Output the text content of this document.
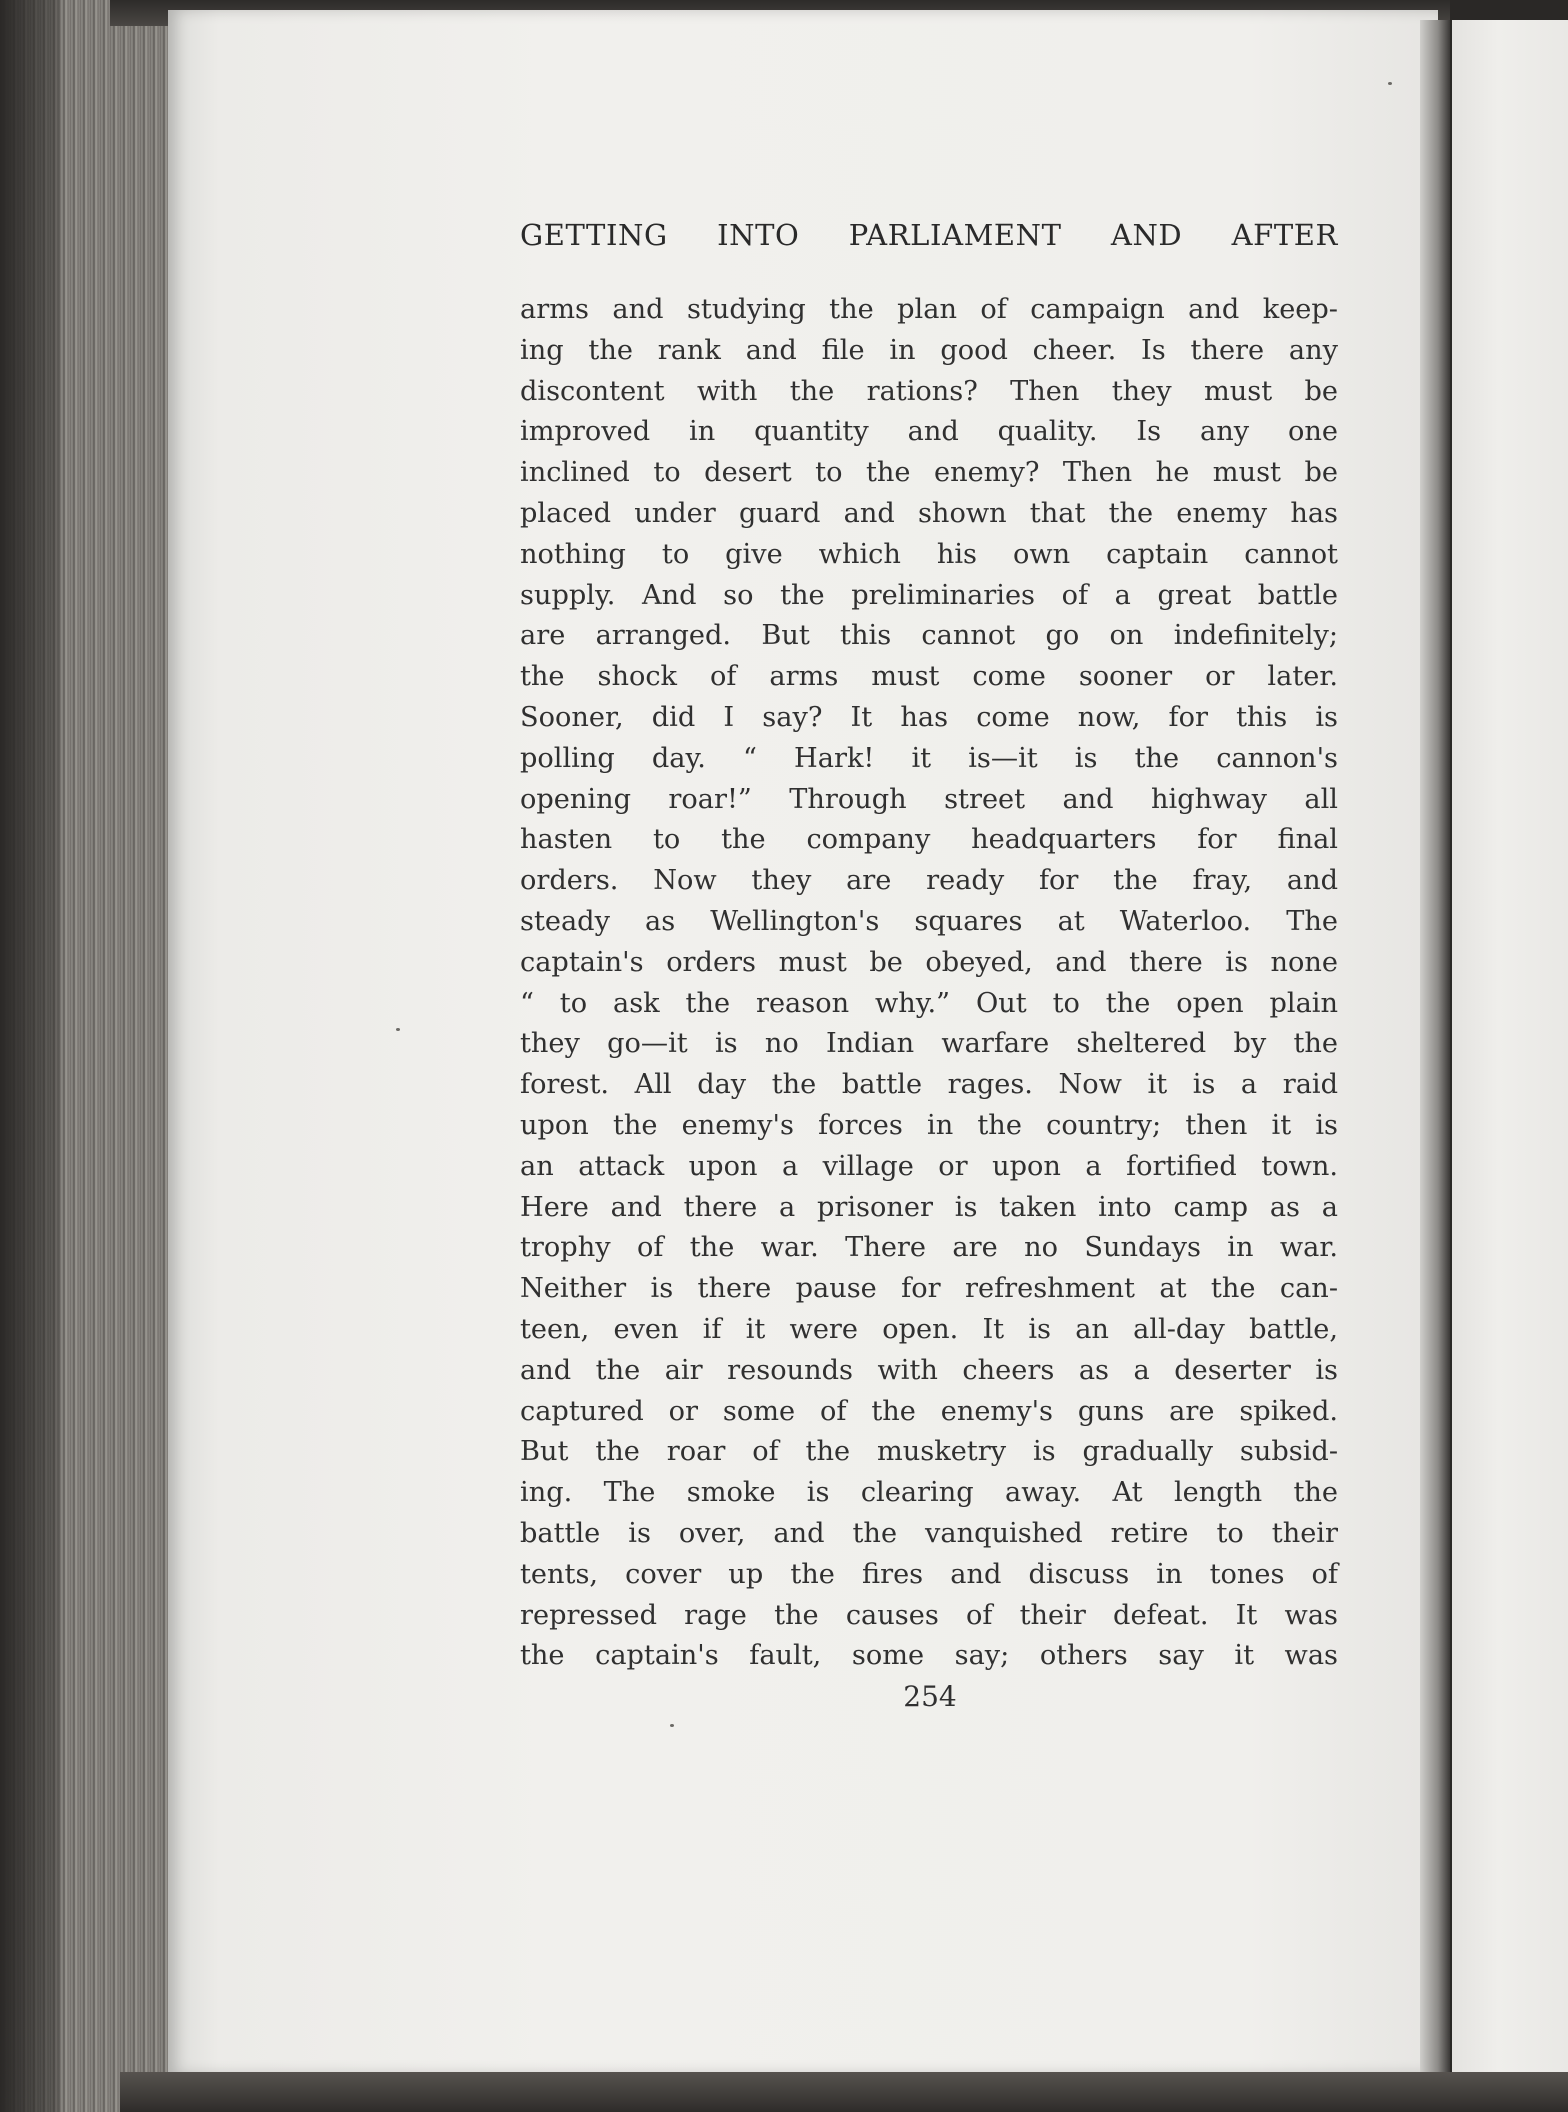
GETTING INTO PARLIAMENT AND AFTER
arms and studying the plan of campaign and keep-
ing the rank and file in good cheer. Is there any
discontent with the rations? Then they must be
improved in quantity and quality. Is any one
inclined to desert to the enemy? Then he must be
placed under guard and shown that the enemy has
nothing to give which his own captain cannot
supply. And so the preliminaries of a great battle
are arranged. But this cannot go on indefinitely;
the shock of arms must come sooner or later.
Sooner, did I say? It has come now, for this is
polling day. “ Hark! it is—it is the cannon's
opening roar!” Through street and highway all
hasten to the company headquarters for final
orders. Now they are ready for the fray, and
steady as Wellington's squares at Waterloo. The
captain's orders must be obeyed, and there is none
“ to ask the reason why.” Out to the open plain
they go—it is no Indian warfare sheltered by the
forest. All day the battle rages. Now it is a raid
upon the enemy's forces in the country; then it is
an attack upon a village or upon a fortified town.
Here and there a prisoner is taken into camp as a
trophy of the war. There are no Sundays in war.
Neither is there pause for refreshment at the can-
teen, even if it were open. It is an all-day battle,
and the air resounds with cheers as a deserter is
captured or some of the enemy's guns are spiked.
But the roar of the musketry is gradually subsid-
ing. The smoke is clearing away. At length the
battle is over, and the vanquished retire to their
tents, cover up the fires and discuss in tones of
repressed rage the causes of their defeat. It was
the captain's fault, some say; others say it was
254
